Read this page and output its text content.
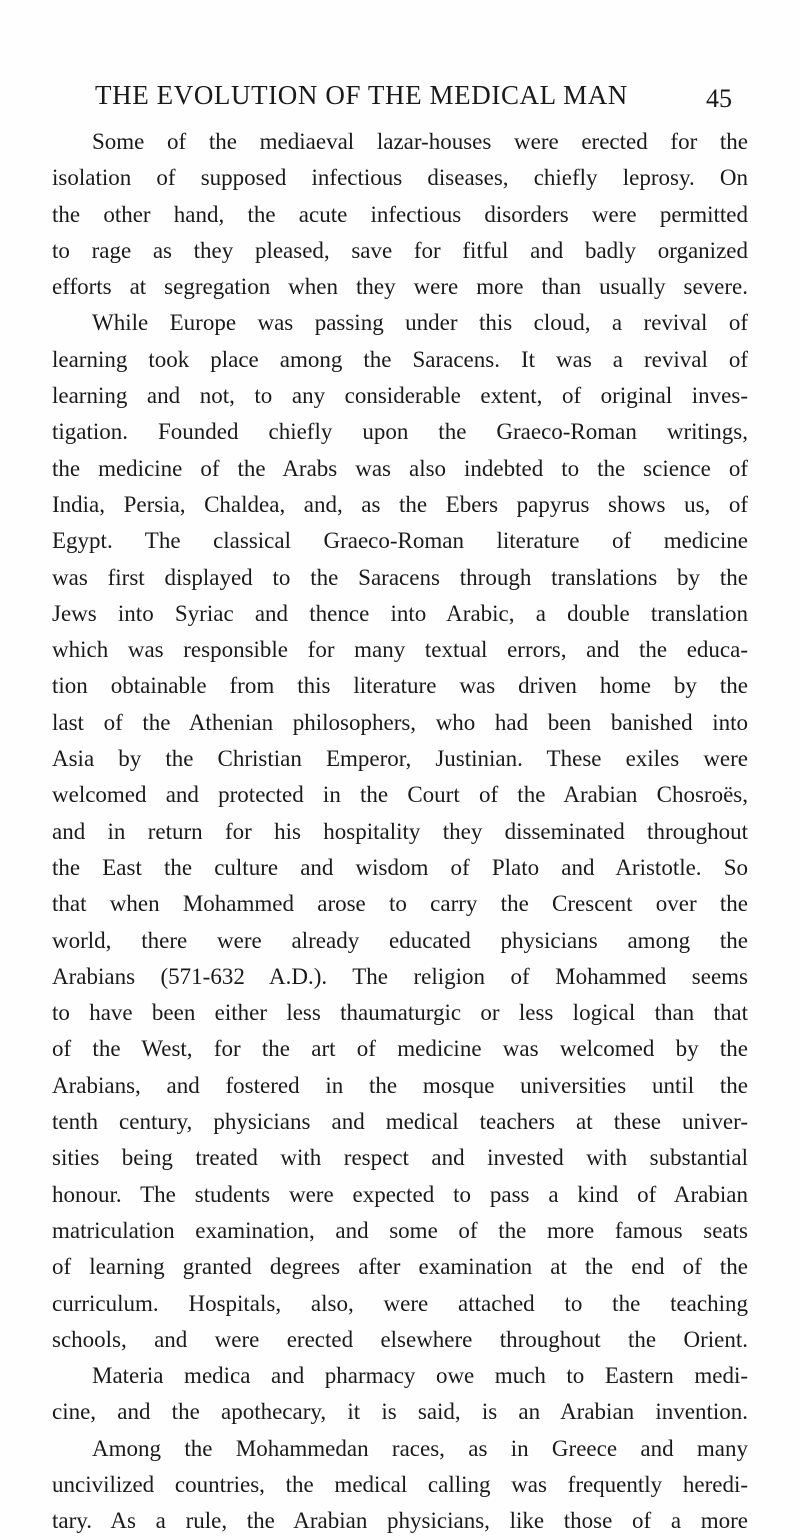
THE EVOLUTION OF THE MEDICAL MAN	45
Some of the mediaeval lazar-houses were erected for the
isolation of supposed infectious diseases, chiefly leprosy. On
the other hand, the acute infectious disorders were permitted
to rage as they pleased, save for fitful and badly organized
efforts at segregation when they were more than usually severe.
While Europe was passing under this cloud, a revival of
learning took place among the Saracens. It was a revival of
learning and not, to any considerable extent, of original inves-
tigation. Founded chiefly upon the Graeco-Roman writings,
the medicine of the Arabs was also indebted to the science of
India, Persia, Chaldea, and, as the Ebers papyrus shows us, of
Egypt. The classical Graeco-Roman literature of medicine
was first displayed to the Saracens through translations by the
Jews into Syriac and thence into Arabic, a double translation
which was responsible for many textual errors, and the educa-
tion obtainable from this literature was driven home by the
last of the Athenian philosophers, who had been banished into
Asia by the Christian Emperor, Justinian. These exiles were
welcomed and protected in the Court of the Arabian Chosroës,
and in return for his hospitality they disseminated throughout
the East the culture and wisdom of Plato and Aristotle. So
that when Mohammed arose to carry the Crescent over the
world, there were already educated physicians among the
Arabians (571-632 A.D.). The religion of Mohammed seems
to have been either less thaumaturgic or less logical than that
of the West, for the art of medicine was welcomed by the
Arabians, and fostered in the mosque universities until the
tenth century, physicians and medical teachers at these univer-
sities being treated with respect and invested with substantial
honour. The students were expected to pass a kind of Arabian
matriculation examination, and some of the more famous seats
of learning granted degrees after examination at the end of the
curriculum. Hospitals, also, were attached to the teaching
schools, and were erected elsewhere throughout the Orient.
Materia medica and pharmacy owe much to Eastern medi-
cine, and the apothecary, it is said, is an Arabian invention.
Among the Mohammedan races, as in Greece and many
uncivilized countries, the medical calling was frequently heredi-
tary. As a rule, the Arabian physicians, like those of a more
